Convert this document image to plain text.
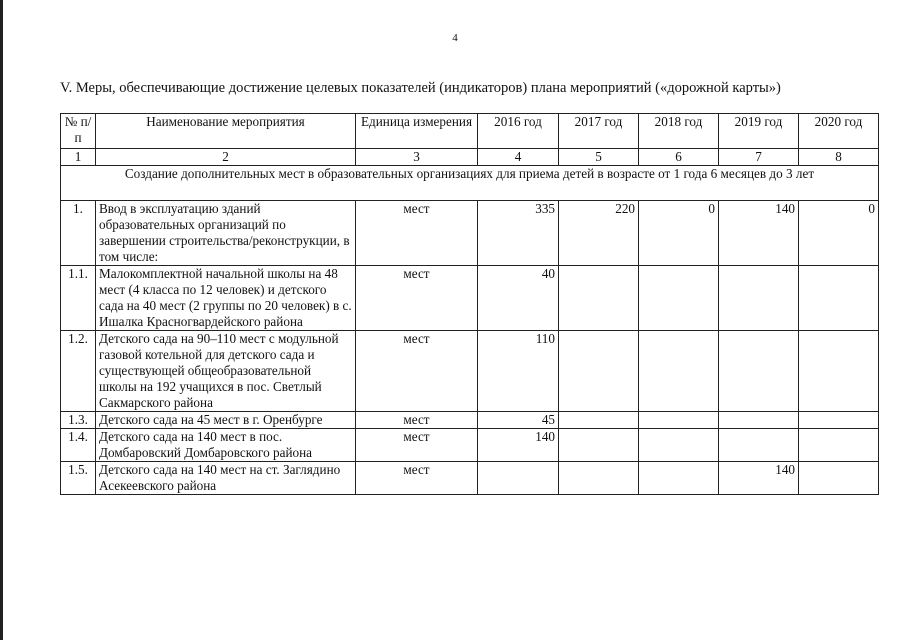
4
V. Меры, обеспечивающие достижение целевых показателей (индикаторов) плана мероприятий («дорожной карты»)
№ п/п	Наименование мероприятия	Единица измерения	2016 год	2017 год	2018 год	2019 год	2020 год
1	2	3	4	5	6	7	8
Создание дополнительных мест в образовательных организациях для приема детей в возрасте от 1 года 6 месяцев до 3 лет							
1.	Ввод в эксплуатацию зданий образовательных организаций по завершении строительства/реконструкции, в том числе:	мест	335	220	0	140	0
1.1.	Малокомплектной начальной школы на 48 мест (4 класса по 12 человек) и детского сада на 40 мест (2 группы по 20 человек) в с. Ишалка Красногвардейского района	мест	40				
1.2.	Детского сада на 90–110 мест с модульной газовой котельной для детского сада и существующей общеобразовательной школы на 192 учащихся в пос. Светлый Сакмарского района	мест	110				
1.3.	Детского сада на 45 мест в г. Оренбурге	мест	45				
1.4.	Детского сада на 140 мест в пос. Домбаровский Домбаровского района	мест	140				
1.5.	Детского сада на 140 мест на ст. Заглядино Асекеевского района	мест				140	
